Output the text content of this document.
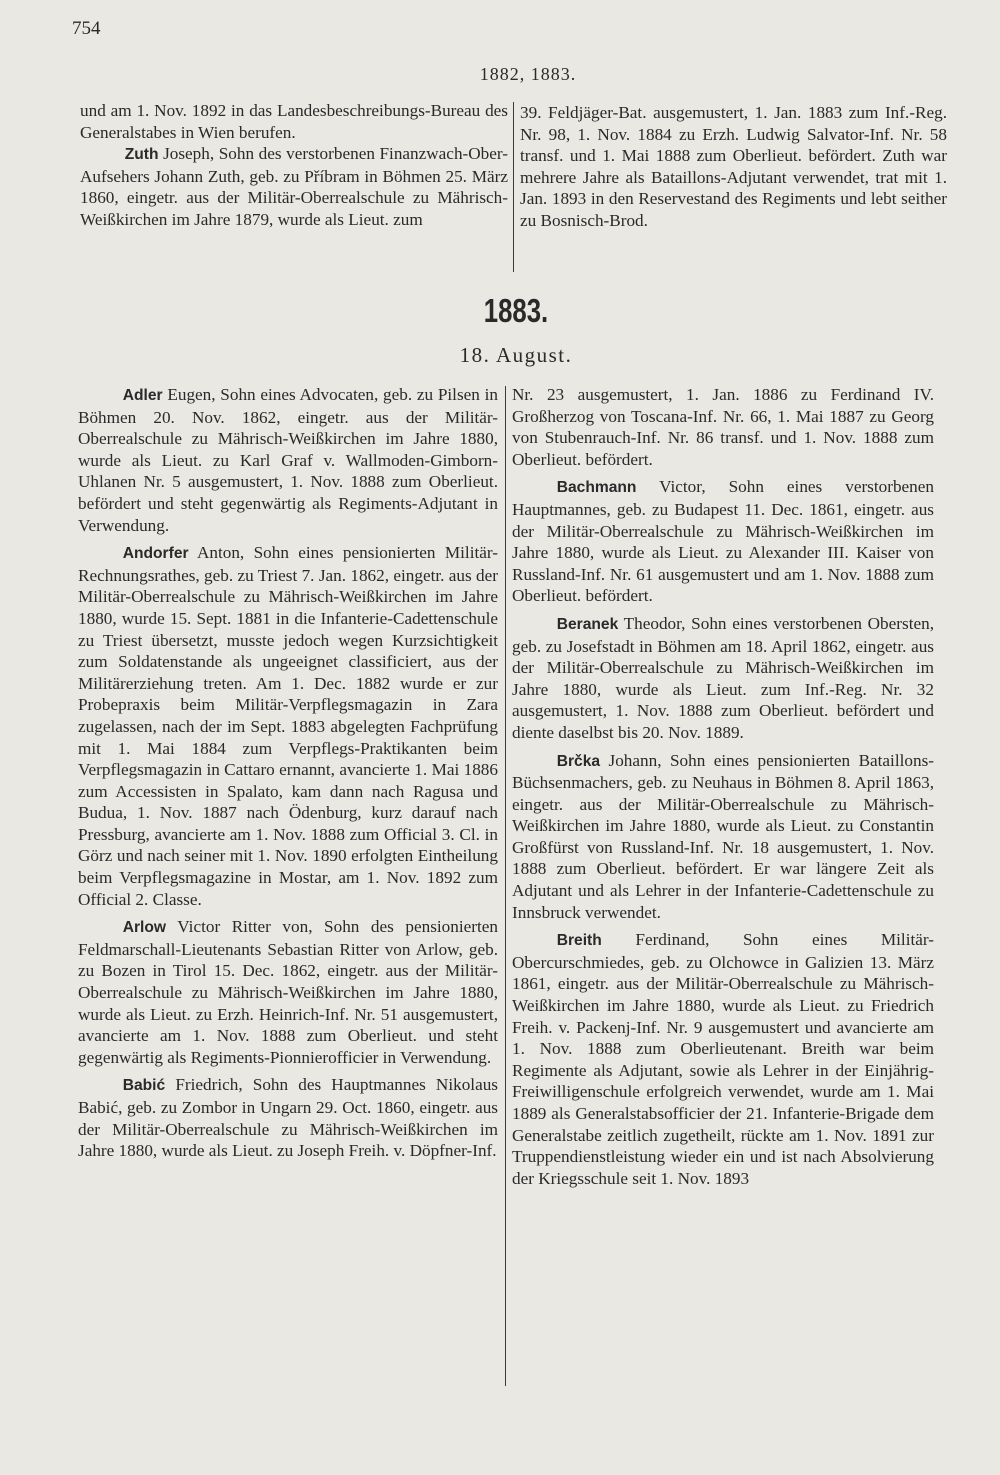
754
1882, 1883.

und am 1. Nov. 1892 in das Landesbeschreibungs-Bureau des Generalstabes in Wien berufen.

Zuth Joseph, Sohn des verstorbenen Finanzwach-Ober-Aufsehers Johann Zuth, geb. zu Příbram in Böhmen 25. März 1860, eingetr. aus der Militär-Oberrealschule zu Mährisch-Weißkirchen im Jahre 1879, wurde als Lieut. zum

39. Feldjäger-Bat. ausgemustert, 1. Jan. 1883 zum Inf.-Reg. Nr. 98, 1. Nov. 1884 zu Erzh. Ludwig Salvator-Inf. Nr. 58 transf. und 1. Mai 1888 zum Oberlieut. befördert. Zuth war mehrere Jahre als Bataillons-Adjutant verwendet, trat mit 1. Jan. 1893 in den Reservestand des Regiments und lebt seither zu Bosnisch-Brod.

1883.
18. August.

Adler Eugen, Sohn eines Advocaten, geb. zu Pilsen in Böhmen 20. Nov. 1862, eingetr. aus der Militär-Oberrealschule zu Mährisch-Weißkirchen im Jahre 1880, wurde als Lieut. zu Karl Graf v. Wallmoden-Gimborn-Uhlanen Nr. 5 ausgemustert, 1. Nov. 1888 zum Oberlieut. befördert und steht gegenwärtig als Regiments-Adjutant in Verwendung.

Andorfer Anton, Sohn eines pensionierten Militär-Rechnungsrathes, geb. zu Triest 7. Jan. 1862, eingetr. aus der Militär-Oberrealschule zu Mährisch-Weißkirchen im Jahre 1880, wurde 15. Sept. 1881 in die Infanterie-Cadettenschule zu Triest übersetzt, musste jedoch wegen Kurzsichtigkeit zum Soldatenstande als ungeeignet classificiert, aus der Militärerziehung treten. Am 1. Dec. 1882 wurde er zur Probepraxis beim Militär-Verpflegsmagazin in Zara zugelassen, nach der im Sept. 1883 abgelegten Fachprüfung mit 1. Mai 1884 zum Verpflegs-Praktikanten beim Verpflegsmagazin in Cattaro ernannt, avancierte 1. Mai 1886 zum Accessisten in Spalato, kam dann nach Ragusa und Budua, 1. Nov. 1887 nach Ödenburg, kurz darauf nach Pressburg, avancierte am 1. Nov. 1888 zum Official 3. Cl. in Görz und nach seiner mit 1. Nov. 1890 erfolgten Eintheilung beim Verpflegsmagazine in Mostar, am 1. Nov. 1892 zum Official 2. Classe.

Arlow Victor Ritter von, Sohn des pensionierten Feldmarschall-Lieutenants Sebastian Ritter von Arlow, geb. zu Bozen in Tirol 15. Dec. 1862, eingetr. aus der Militär-Oberrealschule zu Mährisch-Weißkirchen im Jahre 1880, wurde als Lieut. zu Erzh. Heinrich-Inf. Nr. 51 ausgemustert, avancierte am 1. Nov. 1888 zum Oberlieut. und steht gegenwärtig als Regiments-Pionnierofficier in Verwendung.

Babić Friedrich, Sohn des Hauptmannes Nikolaus Babić, geb. zu Zombor in Ungarn 29. Oct. 1860, eingetr. aus der Militär-Oberrealschule zu Mährisch-Weißkirchen im Jahre 1880, wurde als Lieut. zu Joseph Freih. v. Döpfner-Inf.

Nr. 23 ausgemustert, 1. Jan. 1886 zu Ferdinand IV. Großherzog von Toscana-Inf. Nr. 66, 1. Mai 1887 zu Georg von Stubenrauch-Inf. Nr. 86 transf. und 1. Nov. 1888 zum Oberlieut. befördert.

Bachmann Victor, Sohn eines verstorbenen Hauptmannes, geb. zu Budapest 11. Dec. 1861, eingetr. aus der Militär-Oberrealschule zu Mährisch-Weißkirchen im Jahre 1880, wurde als Lieut. zu Alexander III. Kaiser von Russland-Inf. Nr. 61 ausgemustert und am 1. Nov. 1888 zum Oberlieut. befördert.

Beranek Theodor, Sohn eines verstorbenen Obersten, geb. zu Josefstadt in Böhmen am 18. April 1862, eingetr. aus der Militär-Oberrealschule zu Mährisch-Weißkirchen im Jahre 1880, wurde als Lieut. zum Inf.-Reg. Nr. 32 ausgemustert, 1. Nov. 1888 zum Oberlieut. befördert und diente daselbst bis 20. Nov. 1889.

Brčka Johann, Sohn eines pensionierten Bataillons-Büchsenmachers, geb. zu Neuhaus in Böhmen 8. April 1863, eingetr. aus der Militär-Oberrealschule zu Mährisch-Weißkirchen im Jahre 1880, wurde als Lieut. zu Constantin Großfürst von Russland-Inf. Nr. 18 ausgemustert, 1. Nov. 1888 zum Oberlieut. befördert. Er war längere Zeit als Adjutant und als Lehrer in der Infanterie-Cadettenschule zu Innsbruck verwendet.

Breith Ferdinand, Sohn eines Militär-Obercurschmiedes, geb. zu Olchowce in Galizien 13. März 1861, eingetr. aus der Militär-Oberrealschule zu Mährisch-Weißkirchen im Jahre 1880, wurde als Lieut. zu Friedrich Freih. v. Packenj-Inf. Nr. 9 ausgemustert und avancierte am 1. Nov. 1888 zum Oberlieutenant. Breith war beim Regimente als Adjutant, sowie als Lehrer in der Einjährig-Freiwilligenschule erfolgreich verwendet, wurde am 1. Mai 1889 als Generalstabsofficier der 21. Infanterie-Brigade dem Generalstabe zeitlich zugetheilt, rückte am 1. Nov. 1891 zur Truppendienstleistung wieder ein und ist nach Absolvierung der Kriegsschule seit 1. Nov. 1893
